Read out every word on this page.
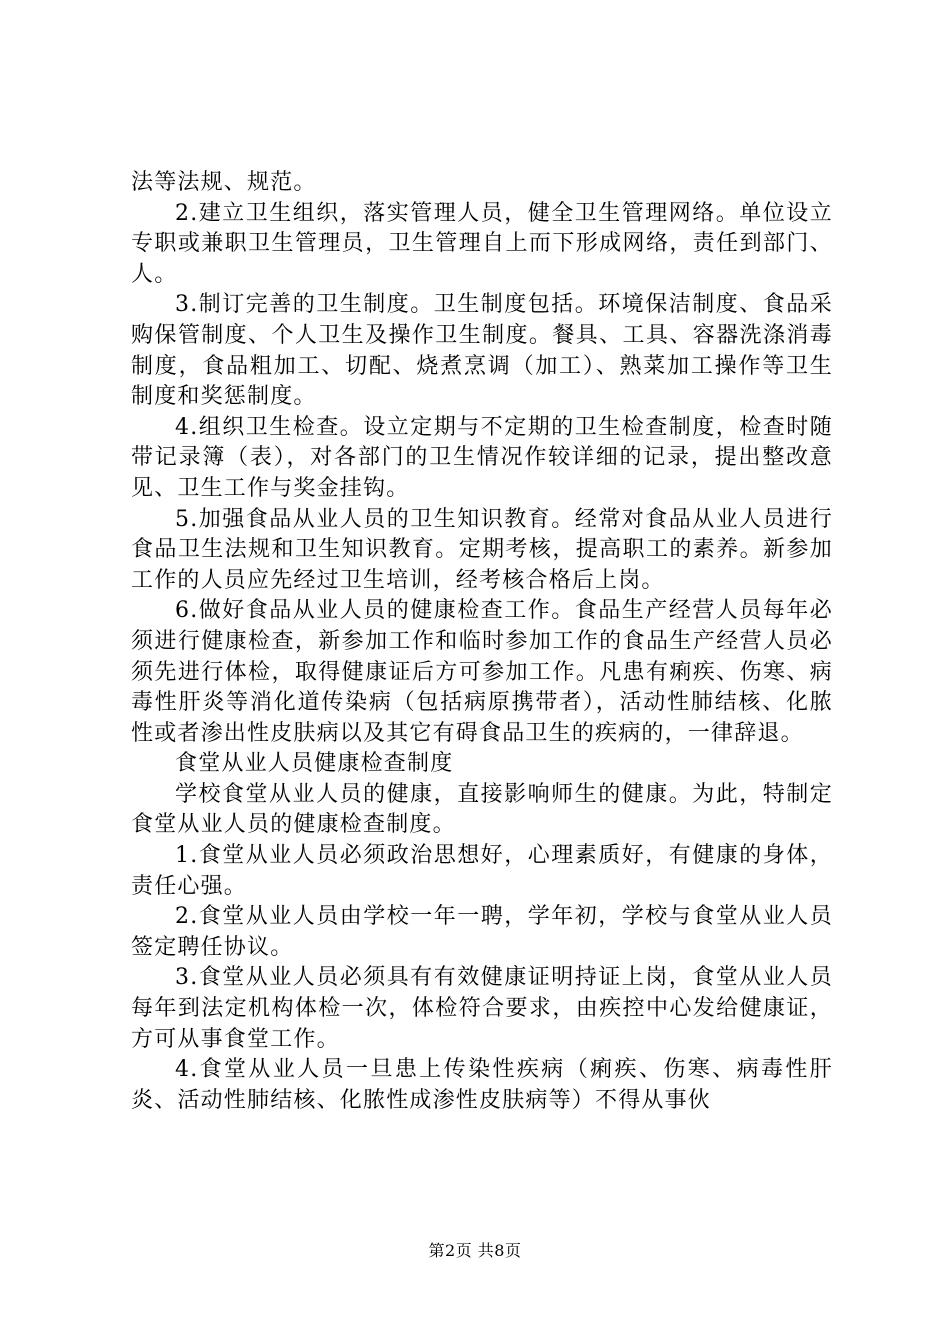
法等法规、规范。

2.建立卫生组织，落实管理人员，健全卫生管理网络。单位设立专职或兼职卫生管理员，卫生管理自上而下形成网络，责任到部门、人。

3.制订完善的卫生制度。卫生制度包括。环境保洁制度、食品采购保管制度、个人卫生及操作卫生制度。餐具、工具、容器洗涤消毒制度，食品粗加工、切配、烧煮烹调（加工）、熟菜加工操作等卫生制度和奖惩制度。

4.组织卫生检查。设立定期与不定期的卫生检查制度，检查时随带记录簿（表），对各部门的卫生情况作较详细的记录，提出整改意见、卫生工作与奖金挂钩。

5.加强食品从业人员的卫生知识教育。经常对食品从业人员进行食品卫生法规和卫生知识教育。定期考核，提高职工的素养。新参加工作的人员应先经过卫生培训，经考核合格后上岗。

6.做好食品从业人员的健康检查工作。食品生产经营人员每年必须进行健康检查，新参加工作和临时参加工作的食品生产经营人员必须先进行体检，取得健康证后方可参加工作。凡患有痢疾、伤寒、病毒性肝炎等消化道传染病（包括病原携带者），活动性肺结核、化脓性或者渗出性皮肤病以及其它有碍食品卫生的疾病的，一律辞退。

食堂从业人员健康检查制度

学校食堂从业人员的健康，直接影响师生的健康。为此，特制定食堂从业人员的健康检查制度。

1.食堂从业人员必须政治思想好，心理素质好，有健康的身体，责任心强。

2.食堂从业人员由学校一年一聘，学年初，学校与食堂从业人员签定聘任协议。

3.食堂从业人员必须具有有效健康证明持证上岗，食堂从业人员每年到法定机构体检一次，体检符合要求，由疾控中心发给健康证，方可从事食堂工作。

4.食堂从业人员一旦患上传染性疾病（痢疾、伤寒、病毒性肝炎、活动性肺结核、化脓性成渗性皮肤病等）不得从事伙

第2页 共8页
